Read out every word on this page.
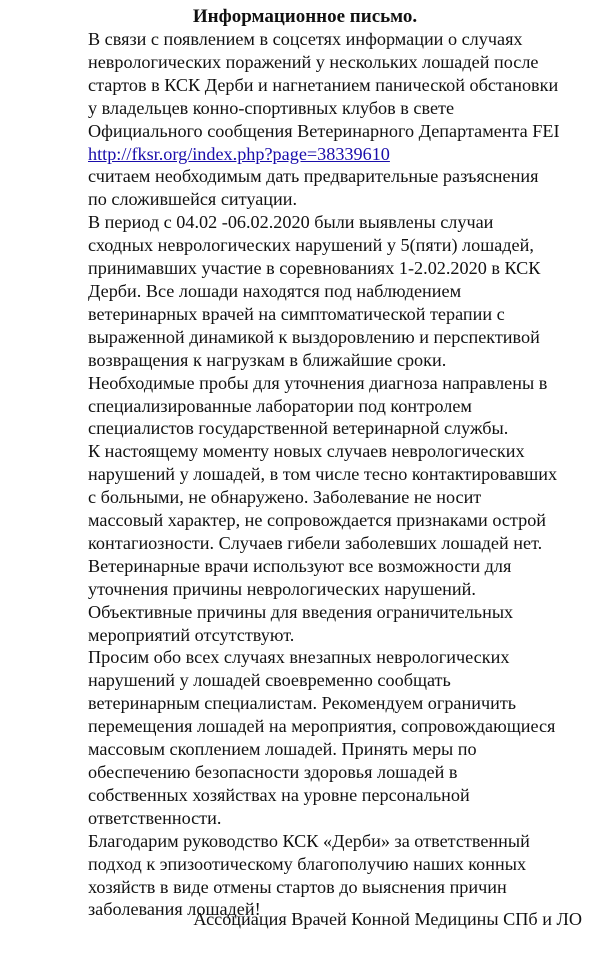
Информационное письмо.
В связи с появлением в соцсетях информации о случаях
неврологических поражений у нескольких лошадей после
стартов в КСК Дерби и нагнетанием панической обстановки
у владельцев конно-спортивных клубов в свете
Официального сообщения Ветеринарного Департамента FEI
http://fksr.org/index.php?page=38339610
считаем необходимым дать предварительные разъяснения
по сложившейся ситуации.
В период с 04.02 -06.02.2020 были выявлены случаи
сходных неврологических нарушений у 5(пяти) лошадей,
принимавших участие в соревнованиях 1-2.02.2020 в КСК
Дерби. Все лошади находятся под наблюдением
ветеринарных врачей на симптоматической терапии с
выраженной динамикой к выздоровлению и перспективой
возвращения к нагрузкам в ближайшие сроки.
Необходимые пробы для уточнения диагноза направлены в
специализированные лаборатории под контролем
специалистов государственной ветеринарной службы.
К настоящему моменту новых случаев неврологических
нарушений у лошадей, в том числе тесно контактировавших
с больными, не обнаружено. Заболевание не носит
массовый характер, не сопровождается признаками острой
контагиозности. Случаев гибели заболевших лошадей нет.
Ветеринарные врачи используют все возможности для
уточнения причины неврологических нарушений.
Объективные причины для введения ограничительных
мероприятий отсутствуют.
Просим обо всех случаях внезапных неврологических
нарушений у лошадей своевременно сообщать
ветеринарным специалистам. Рекомендуем ограничить
перемещения лошадей на мероприятия, сопровождающиеся
массовым скоплением лошадей. Принять меры по
обеспечению безопасности здоровья лошадей в
собственных хозяйствах на уровне персональной
ответственности.
Благодарим руководство КСК «Дерби» за ответственный
подход к эпизоотическому благополучию наших конных
хозяйств в виде отмены стартов до выяснения причин
заболевания лошадей!
Ассоциация Врачей Конной Медицины СПб и ЛО
